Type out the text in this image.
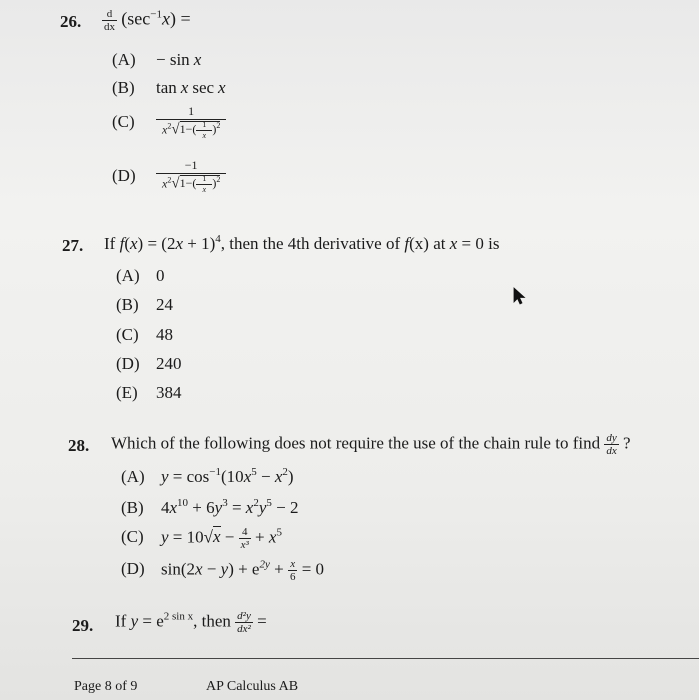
26. $\frac{d}{dx} (\sec^{-1}x)$ =
(A) − sin x
(B) tan x sec x
$(C) \frac{1}{x^2√1-( \frac{1}{x} )^2}$
$(D) \frac{-1}{x^2√1-( \frac{1}{x} )^2}$
27. If $f(x) = (2x + 1)^4$, then the 4th derivative of f(x) at x = 0 is
(A) 0
(B) 24
(C) 48
(D) 240
(E) 384
28. Which of the following does not require the use of the chain rule to find $\frac{dy}{dx}$ ?
(A) $y = \cos^{-1}(10x^5 - x^2)$
(B) $4x^{10} + 6y^3 = x^2y^5 - 2$
(C) $y = 10√x - \frac{4}{\text{x³}} + x^5$
(D) $\sin(2x - y) + e^{2y} + \frac{x}{6} = 0$
29. If $y = e^{2 sin x}$, then $\frac{\text{d²y}}{\text{dx²}}$ =
Page 8 of 9	AP Calculus AB
